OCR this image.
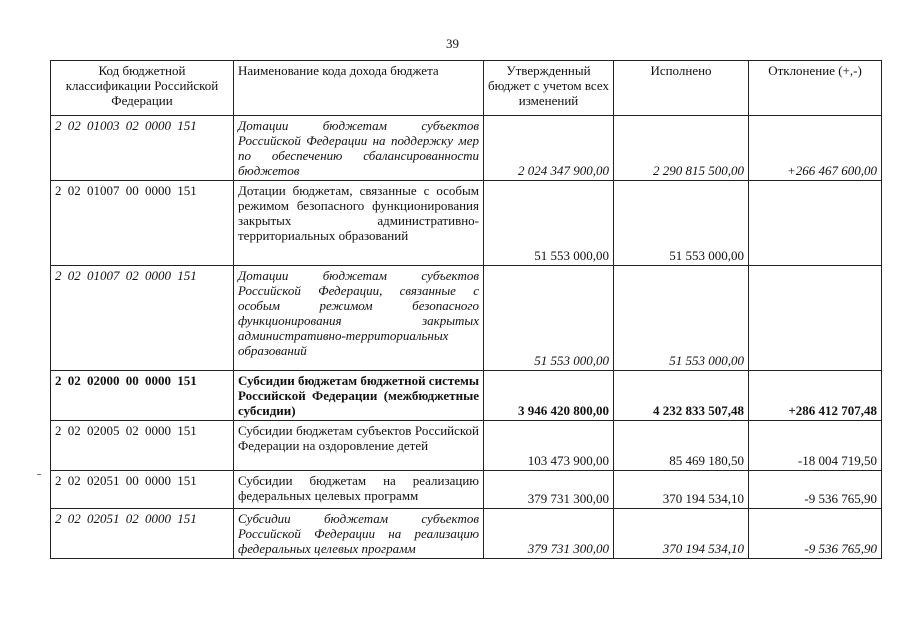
39
Код бюджетной классификации Российской Федерации	Наименование кода дохода бюджета	Утвержденный бюджет с учетом всех изменений	Исполнено	Отклонение (+,-)
2 02 01003 02 0000 151	Дотации бюджетам субъектов Российской Федерации на поддержку мер по обеспечению сбалансированности бюджетов	2 024 347 900,00	2 290 815 500,00	+266 467 600,00
2 02 01007 00 0000 151	Дотации бюджетам, связанные с особым режимом безопасного функционирования закрытых административно-территориальных образований	51 553 000,00	51 553 000,00	
2 02 01007 02 0000 151	Дотации бюджетам субъектов Российской Федерации, связанные с особым режимом безопасного функционирования закрытых административно-территориальных образований	51 553 000,00	51 553 000,00	
2 02 02000 00 0000 151	Субсидии бюджетам бюджетной системы Российской Федерации (межбюджетные субсидии)	3 946 420 800,00	4 232 833 507,48	+286 412 707,48
2 02 02005 02 0000 151	Субсидии бюджетам субъектов Российской Федерации на оздоровление детей	103 473 900,00	85 469 180,50	-18 004 719,50
2 02 02051 00 0000 151	Субсидии бюджетам на реализацию федеральных целевых программ	379 731 300,00	370 194 534,10	-9 536 765,90
2 02 02051 02 0000 151	Субсидии бюджетам субъектов Российской Федерации на реализацию федеральных целевых программ	379 731 300,00	370 194 534,10	-9 536 765,90
